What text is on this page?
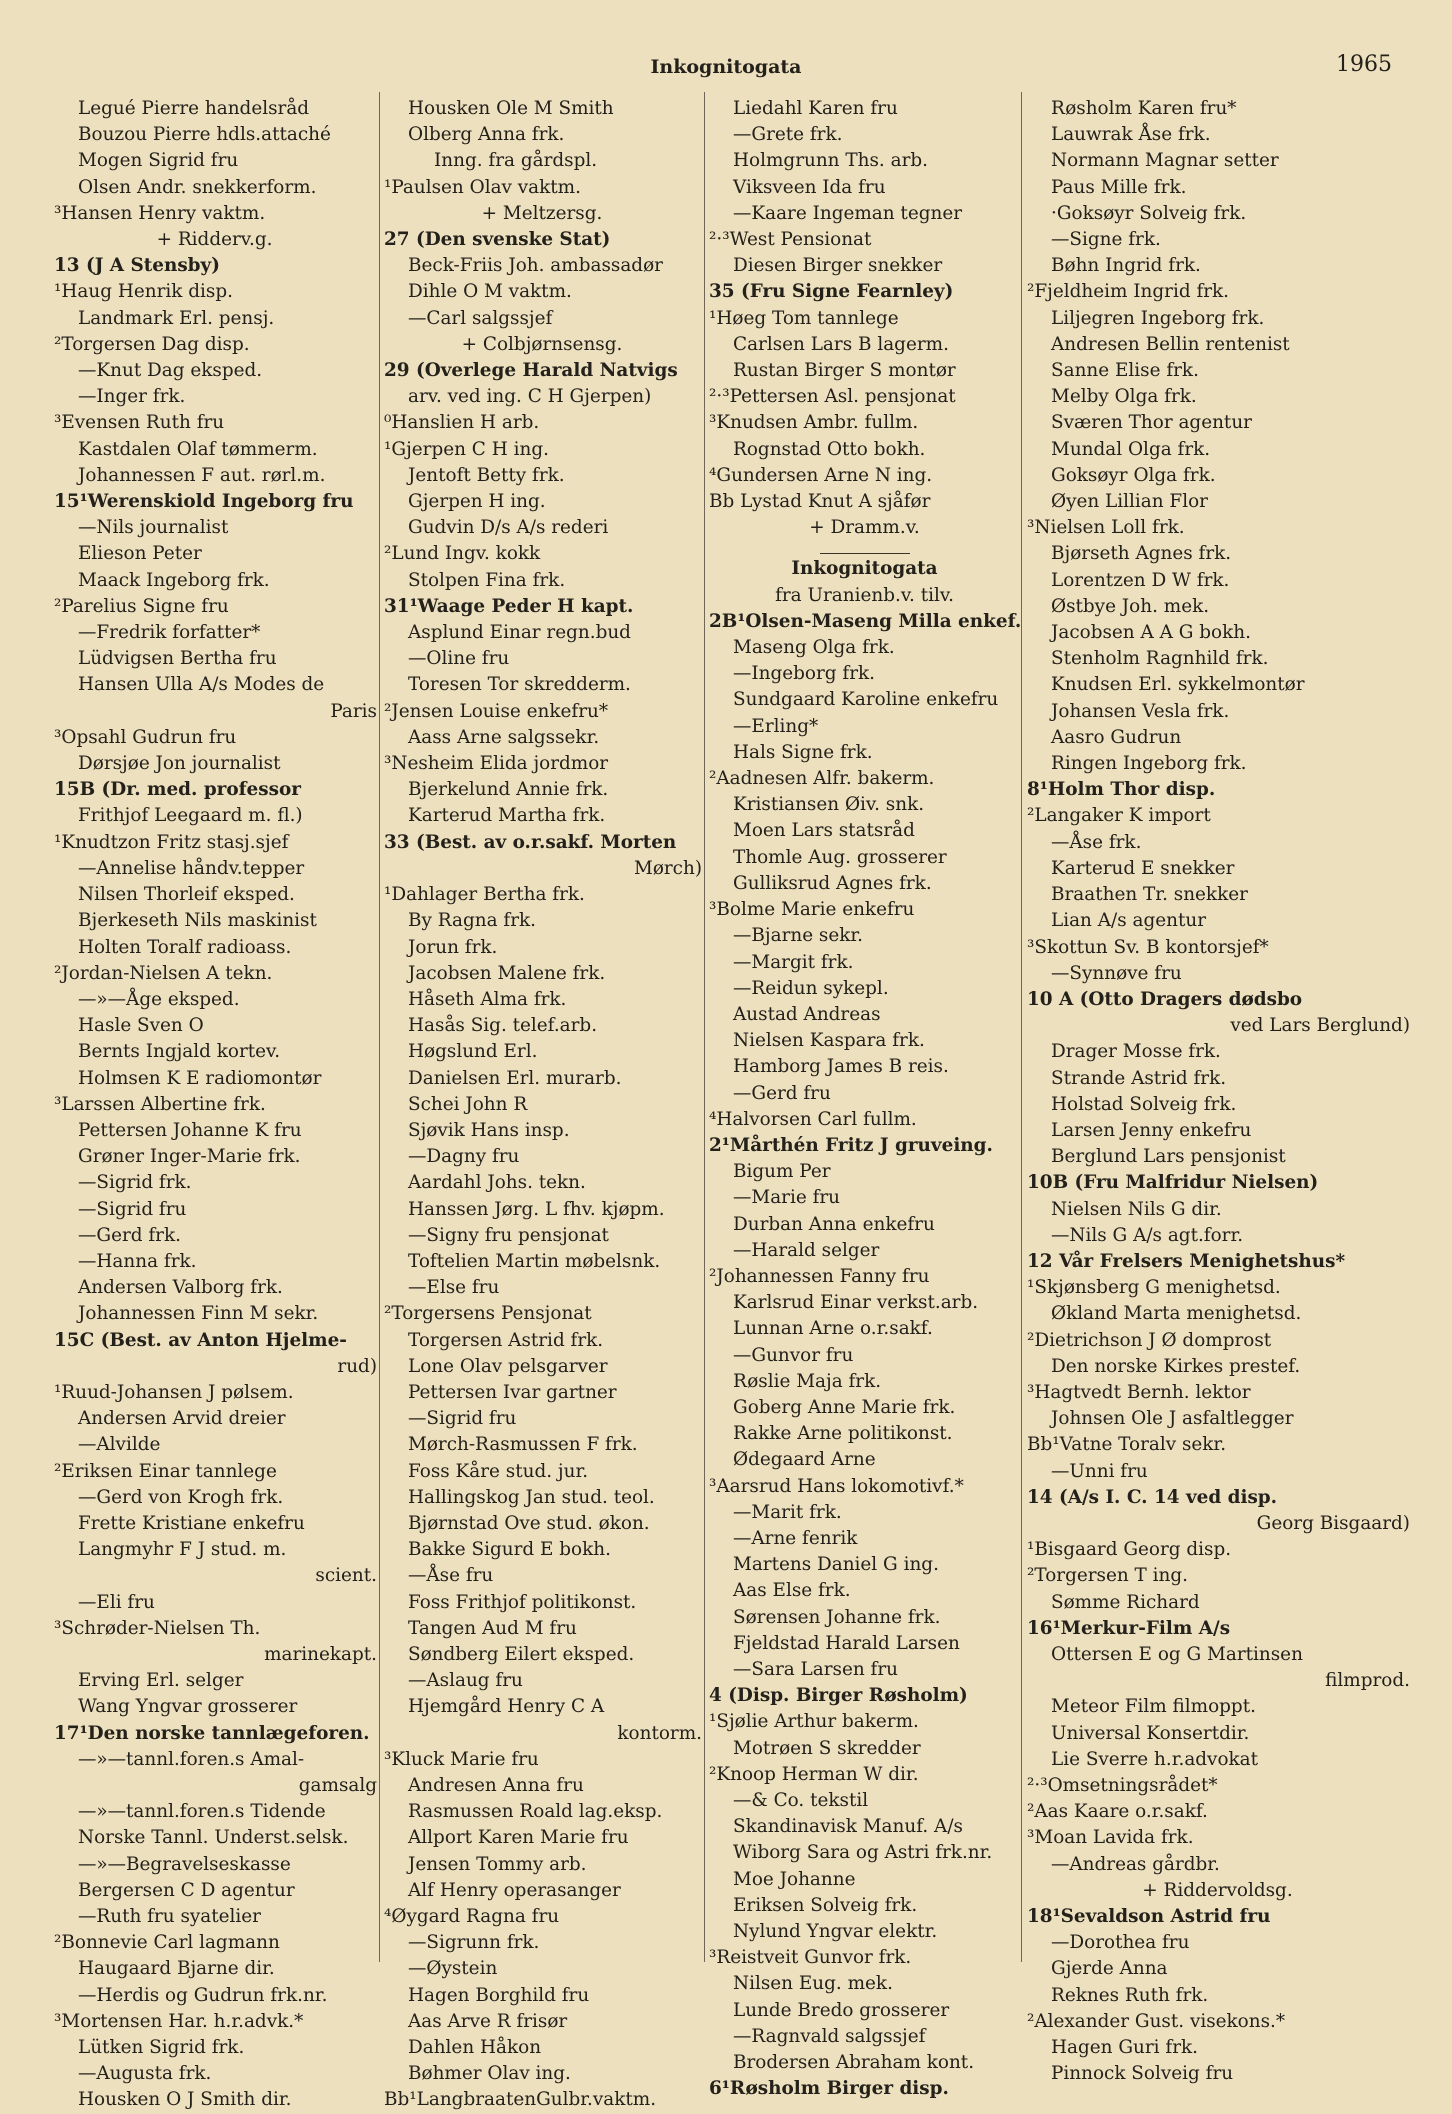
Inkognitogata	1965
Legué Pierre handelsråd
Bouzou Pierre hdls.attaché
Mogen Sigrid fru
Olsen Andr. snekkerform.
³Hansen Henry vaktm.
+ Ridderv.g.
13 (J A Stensby)
¹Haug Henrik disp.
Landmark Erl. pensj.
²Torgersen Dag disp.
—Knut Dag eksped.
—Inger frk.
³Evensen Ruth fru
Kastdalen Olaf tømmerm.
Johannessen F aut. rørl.m.
15¹Werenskiold Ingeborg fru
—Nils journalist
Elieson Peter
Maack Ingeborg frk.
²Parelius Signe fru
—Fredrik forfatter*
Lüdvigsen Bertha fru
Hansen Ulla A/s Modes de
Paris
³Opsahl Gudrun fru
Dørsjøe Jon journalist
15B (Dr. med. professor
Frithjof Leegaard m. fl.)
¹Knudtzon Fritz stasj.sjef
—Annelise håndv.tepper
Nilsen Thorleif eksped.
Bjerkeseth Nils maskinist
Holten Toralf radioass.
²Jordan-Nielsen A tekn.
—»—Åge eksped.
Hasle Sven O
Bernts Ingjald kortev.
Holmsen K E radiomontør
³Larssen Albertine frk.
Pettersen Johanne K fru
Grøner Inger-Marie frk.
—Sigrid frk.
—Sigrid fru
—Gerd frk.
—Hanna frk.
Andersen Valborg frk.
Johannessen Finn M sekr.
15C (Best. av Anton Hjelme-
rud)
¹Ruud-Johansen J pølsem.
Andersen Arvid dreier
—Alvilde
²Eriksen Einar tannlege
—Gerd von Krogh frk.
Frette Kristiane enkefru
Langmyhr F J stud. m.
scient.
—Eli fru
³Schrøder-Nielsen Th.
marinekapt.
Erving Erl. selger
Wang Yngvar grosserer
17¹Den norske tannlægeforen.
—»—tannl.foren.s Amal-
gamsalg
—»—tannl.foren.s Tidende
Norske Tannl. Underst.selsk.
—»—Begravelseskasse
Bergersen C D agentur
—Ruth fru syatelier
²Bonnevie Carl lagmann
Haugaard Bjarne dir.
—Herdis og Gudrun frk.nr.
³Mortensen Har. h.r.advk.*
Lütken Sigrid frk.
—Augusta frk.
Housken O J Smith dir.
Housken Ole M Smith
Olberg Anna frk.
Inng. fra gårdspl.
¹Paulsen Olav vaktm.
+ Meltzersg.
27 (Den svenske Stat)
Beck-Friis Joh. ambassadør
Dihle O M vaktm.
—Carl salgssjef
+ Colbjørnsensg.
29 (Overlege Harald Natvigs
arv. ved ing. C H Gjerpen)
⁰Hanslien H arb.
¹Gjerpen C H ing.
Jentoft Betty frk.
Gjerpen H ing.
Gudvin D/s A/s rederi
²Lund Ingv. kokk
Stolpen Fina frk.
31¹Waage Peder H kapt.
Asplund Einar regn.bud
—Oline fru
Toresen Tor skredderm.
²Jensen Louise enkefru*
Aass Arne salgssekr.
³Nesheim Elida jordmor
Bjerkelund Annie frk.
Karterud Martha frk.
33 (Best. av o.r.sakf. Morten
Mørch)
¹Dahlager Bertha frk.
By Ragna frk.
Jorun frk.
Jacobsen Malene frk.
Håseth Alma frk.
Hasås Sig. telef.arb.
Høgslund Erl.
Danielsen Erl. murarb.
Schei John R
Sjøvik Hans insp.
—Dagny fru
Aardahl Johs. tekn.
Hanssen Jørg. L fhv. kjøpm.
—Signy fru pensjonat
Toftelien Martin møbelsnk.
—Else fru
²Torgersens Pensjonat
Torgersen Astrid frk.
Lone Olav pelsgarver
Pettersen Ivar gartner
—Sigrid fru
Mørch-Rasmussen F frk.
Foss Kåre stud. jur.
Hallingskog Jan stud. teol.
Bjørnstad Ove stud. økon.
Bakke Sigurd E bokh.
—Åse fru
Foss Frithjof politikonst.
Tangen Aud M fru
Søndberg Eilert eksped.
—Aslaug fru
Hjemgård Henry C A
kontorm.
³Kluck Marie fru
Andresen Anna fru
Rasmussen Roald lag.eksp.
Allport Karen Marie fru
Jensen Tommy arb.
Alf Henry operasanger
⁴Øygard Ragna fru
—Sigrunn frk.
—Øystein
Hagen Borghild fru
Aas Arve R frisør
Dahlen Håkon
Bøhmer Olav ing.
Bb¹LangbraatenGulbr.vaktm.
Liedahl Karen fru
—Grete frk.
Holmgrunn Ths. arb.
Viksveen Ida fru
—Kaare Ingeman tegner
²·³West Pensionat
Diesen Birger snekker
35 (Fru Signe Fearnley)
¹Høeg Tom tannlege
Carlsen Lars B lagerm.
Rustan Birger S montør
²·³Pettersen Asl. pensjonat
³Knudsen Ambr. fullm.
Rognstad Otto bokh.
⁴Gundersen Arne N ing.
Bb Lystad Knut A sjåfør
+ Dramm.v.
Inkognitogata
fra Uranienb.v. tilv.
2B¹Olsen-Maseng Milla enkef.
Maseng Olga frk.
—Ingeborg frk.
Sundgaard Karoline enkefru
—Erling*
Hals Signe frk.
²Aadnesen Alfr. bakerm.
Kristiansen Øiv. snk.
Moen Lars statsråd
Thomle Aug. grosserer
Gulliksrud Agnes frk.
³Bolme Marie enkefru
—Bjarne sekr.
—Margit frk.
—Reidun sykepl.
Austad Andreas
Nielsen Kaspara frk.
Hamborg James B reis.
—Gerd fru
⁴Halvorsen Carl fullm.
2¹Mårthén Fritz J gruveing.
Bigum Per
—Marie fru
Durban Anna enkefru
—Harald selger
²Johannessen Fanny fru
Karlsrud Einar verkst.arb.
Lunnan Arne o.r.sakf.
—Gunvor fru
Røslie Maja frk.
Goberg Anne Marie frk.
Rakke Arne politikonst.
Ødegaard Arne
³Aarsrud Hans lokomotivf.*
—Marit frk.
—Arne fenrik
Martens Daniel G ing.
Aas Else frk.
Sørensen Johanne frk.
Fjeldstad Harald Larsen
—Sara Larsen fru
4 (Disp. Birger Røsholm)
¹Sjølie Arthur bakerm.
Motrøen S skredder
²Knoop Herman W dir.
—& Co. tekstil
Skandinavisk Manuf. A/s
Wiborg Sara og Astri frk.nr.
Moe Johanne
Eriksen Solveig frk.
Nylund Yngvar elektr.
³Reistveit Gunvor frk.
Nilsen Eug. mek.
Lunde Bredo grosserer
—Ragnvald salgssjef
Brodersen Abraham kont.
6¹Røsholm Birger disp.
Røsholm Karen fru*
Lauwrak Åse frk.
Normann Magnar setter
Paus Mille frk.
·Goksøyr Solveig frk.
—Signe frk.
Bøhn Ingrid frk.
²Fjeldheim Ingrid frk.
Liljegren Ingeborg frk.
Andresen Bellin rentenist
Sanne Elise frk.
Melby Olga frk.
Sværen Thor agentur
Mundal Olga frk.
Goksøyr Olga frk.
Øyen Lillian Flor
³Nielsen Loll frk.
Bjørseth Agnes frk.
Lorentzen D W frk.
Østbye Joh. mek.
Jacobsen A A G bokh.
Stenholm Ragnhild frk.
Knudsen Erl. sykkelmontør
Johansen Vesla frk.
Aasro Gudrun
Ringen Ingeborg frk.
8¹Holm Thor disp.
²Langaker K import
—Åse frk.
Karterud E snekker
Braathen Tr. snekker
Lian A/s agentur
³Skottun Sv. B kontorsjef*
—Synnøve fru
10 A (Otto Dragers dødsbo
ved Lars Berglund)
Drager Mosse frk.
Strande Astrid frk.
Holstad Solveig frk.
Larsen Jenny enkefru
Berglund Lars pensjonist
10B (Fru Malfridur Nielsen)
Nielsen Nils G dir.
—Nils G A/s agt.forr.
12 Vår Frelsers Menighetshus*
¹Skjønsberg G menighetsd.
Økland Marta menighetsd.
²Dietrichson J Ø domprost
Den norske Kirkes prestef.
³Hagtvedt Bernh. lektor
Johnsen Ole J asfaltlegger
Bb¹Vatne Toralv sekr.
—Unni fru
14 (A/s I. C. 14 ved disp.
Georg Bisgaard)
¹Bisgaard Georg disp.
²Torgersen T ing.
Sømme Richard
16¹Merkur-Film A/s
Ottersen E og G Martinsen
filmprod.
Meteor Film filmoppt.
Universal Konsertdir.
Lie Sverre h.r.advokat
²·³Omsetningsrådet*
²Aas Kaare o.r.sakf.
³Moan Lavida frk.
—Andreas gårdbr.
+ Riddervoldsg.
18¹Sevaldson Astrid fru
—Dorothea fru
Gjerde Anna
Reknes Ruth frk.
²Alexander Gust. visekons.*
Hagen Guri frk.
Pinnock Solveig fru
